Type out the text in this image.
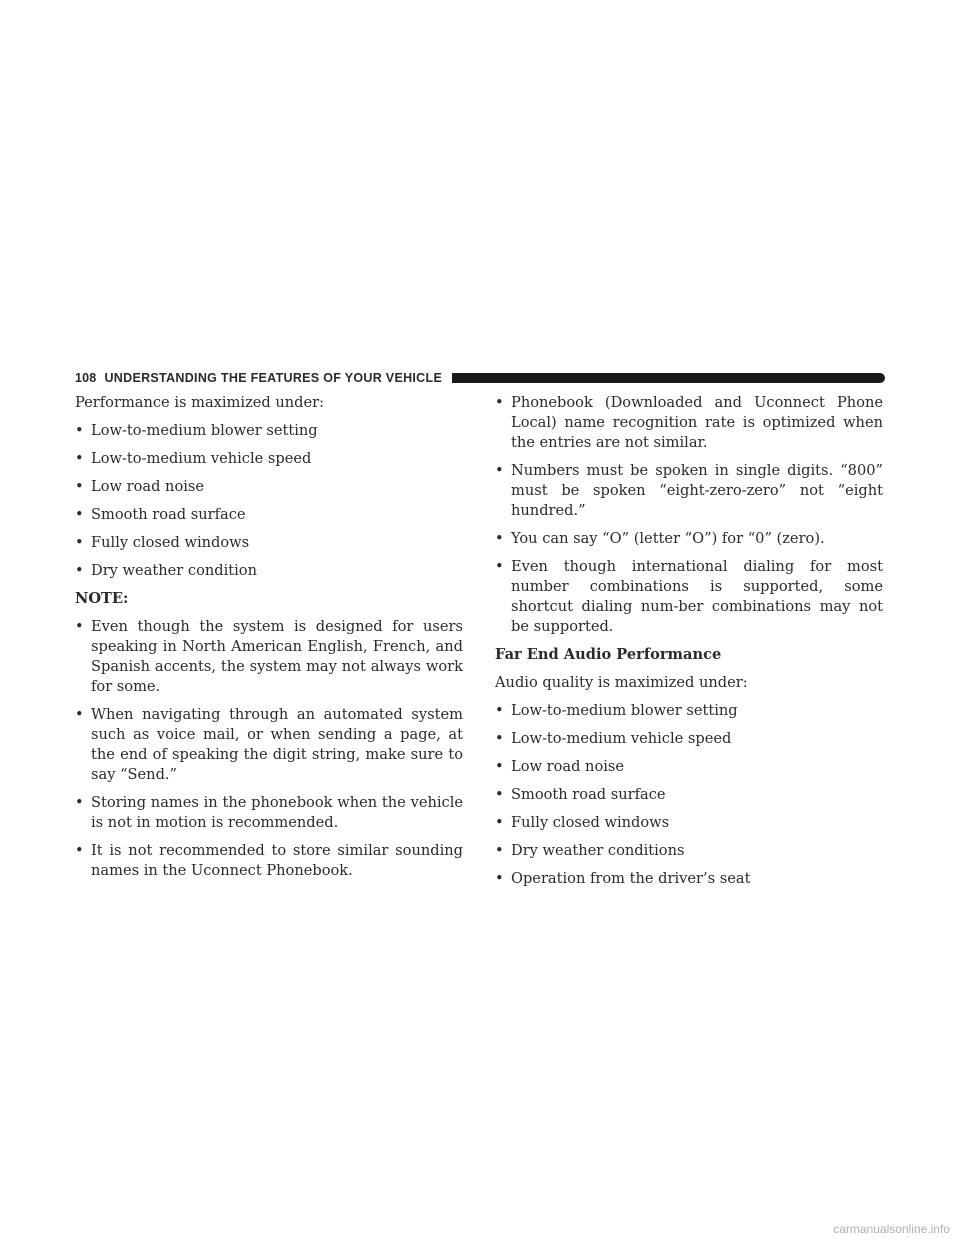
108 UNDERSTANDING THE FEATURES OF YOUR VEHICLE

Performance is maximized under:

• Low-to-medium blower setting
• Low-to-medium vehicle speed
• Low road noise
• Smooth road surface
• Fully closed windows
• Dry weather condition

NOTE:

• Even though the system is designed for users speaking in North American English, French, and Spanish accents, the system may not always work for some.
• When navigating through an automated system such as voice mail, or when sending a page, at the end of speaking the digit string, make sure to say “Send.”
• Storing names in the phonebook when the vehicle is not in motion is recommended.
• It is not recommended to store similar sounding names in the Uconnect Phonebook.
• Phonebook (Downloaded and Uconnect Phone Local) name recognition rate is optimized when the entries are not similar.
• Numbers must be spoken in single digits. “800” must be spoken “eight-zero-zero” not “eight hundred.”
• You can say “O” (letter “O”) for “0” (zero).
• Even though international dialing for most number combinations is supported, some shortcut dialing num-ber combinations may not be supported.

Far End Audio Performance

Audio quality is maximized under:

• Low-to-medium blower setting
• Low-to-medium vehicle speed
• Low road noise
• Smooth road surface
• Fully closed windows
• Dry weather conditions
• Operation from the driver’s seat
carmanualsonline.info
